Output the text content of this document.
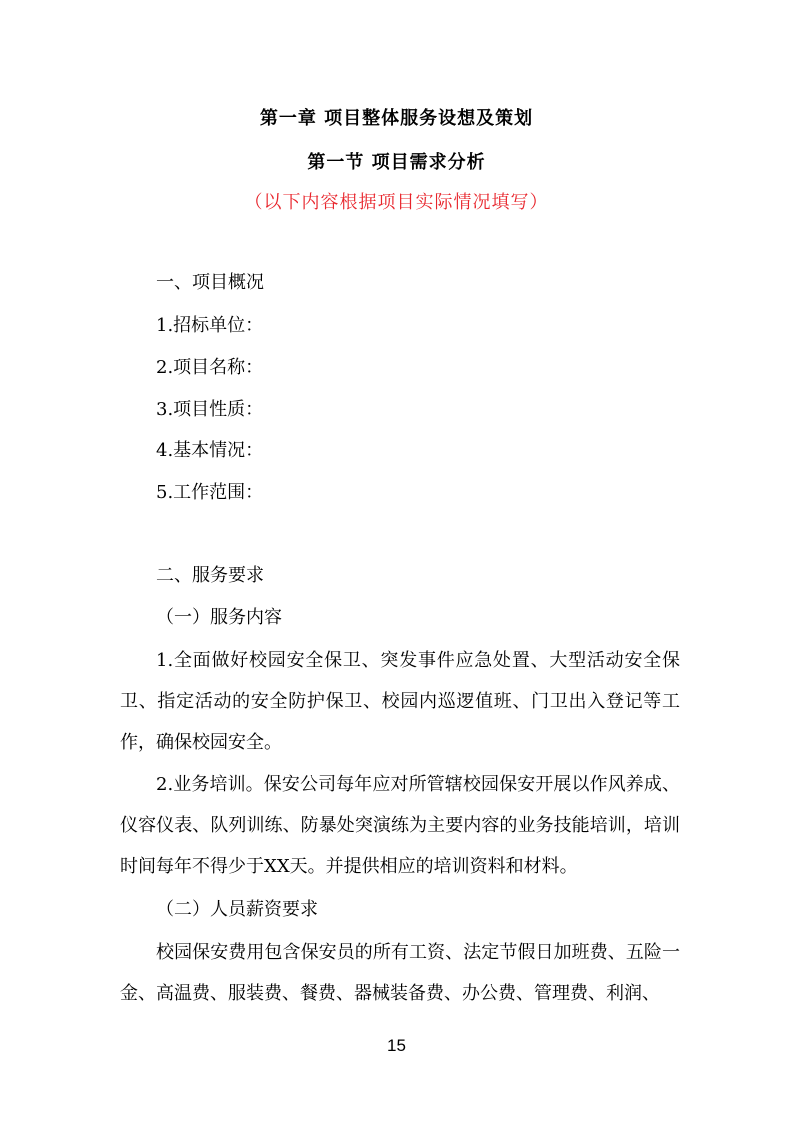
第一章 项目整体服务设想及策划
第一节 项目需求分析
（以下内容根据项目实际情况填写）
一、项目概况
1.招标单位：
2.项目名称：
3.项目性质：
4.基本情况：
5.工作范围：
二、服务要求
（一）服务内容
1.全面做好校园安全保卫、突发事件应急处置、大型活动安全保卫、指定活动的安全防护保卫、校园内巡逻值班、门卫出入登记等工作，确保校园安全。
2.业务培训。保安公司每年应对所管辖校园保安开展以作风养成、仪容仪表、队列训练、防暴处突演练为主要内容的业务技能培训，培训时间每年不得少于XX天。并提供相应的培训资料和材料。
（二）人员薪资要求
校园保安费用包含保安员的所有工资、法定节假日加班费、五险一金、高温费、服装费、餐费、器械装备费、办公费、管理费、利润、
15
